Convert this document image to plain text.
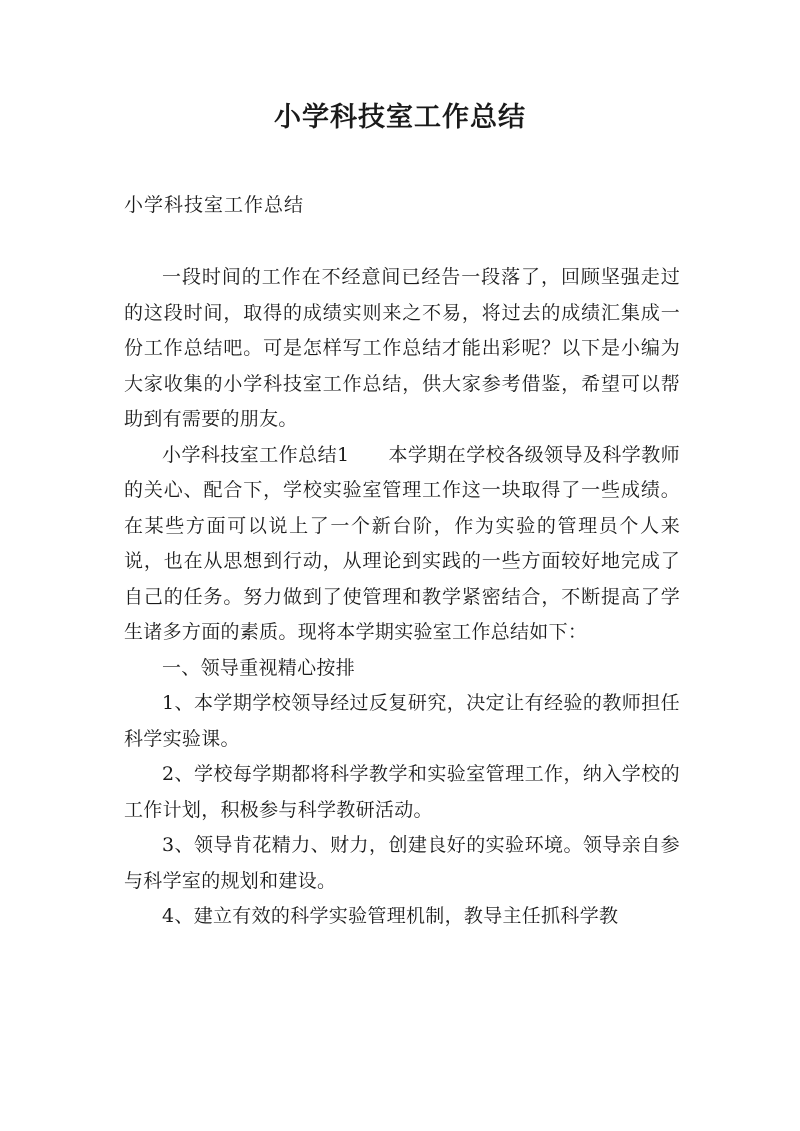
小学科技室工作总结

小学科技室工作总结

一段时间的工作在不经意间已经告一段落了，回顾坚强走过的这段时间，取得的成绩实则来之不易，将过去的成绩汇集成一份工作总结吧。可是怎样写工作总结才能出彩呢？以下是小编为大家收集的小学科技室工作总结，供大家参考借鉴，希望可以帮助到有需要的朋友。

小学科技室工作总结1　　本学期在学校各级领导及科学教师的关心、配合下，学校实验室管理工作这一块取得了一些成绩。在某些方面可以说上了一个新台阶，作为实验的管理员个人来说，也在从思想到行动，从理论到实践的一些方面较好地完成了自己的任务。努力做到了使管理和教学紧密结合，不断提高了学生诸多方面的素质。现将本学期实验室工作总结如下：

一、领导重视精心按排

1、本学期学校领导经过反复研究，决定让有经验的教师担任科学实验课。

2、学校每学期都将科学教学和实验室管理工作，纳入学校的工作计划，积极参与科学教研活动。

3、领导肯花精力、财力，创建良好的实验环境。领导亲自参与科学室的规划和建设。

4、建立有效的科学实验管理机制，教导主任抓科学教
